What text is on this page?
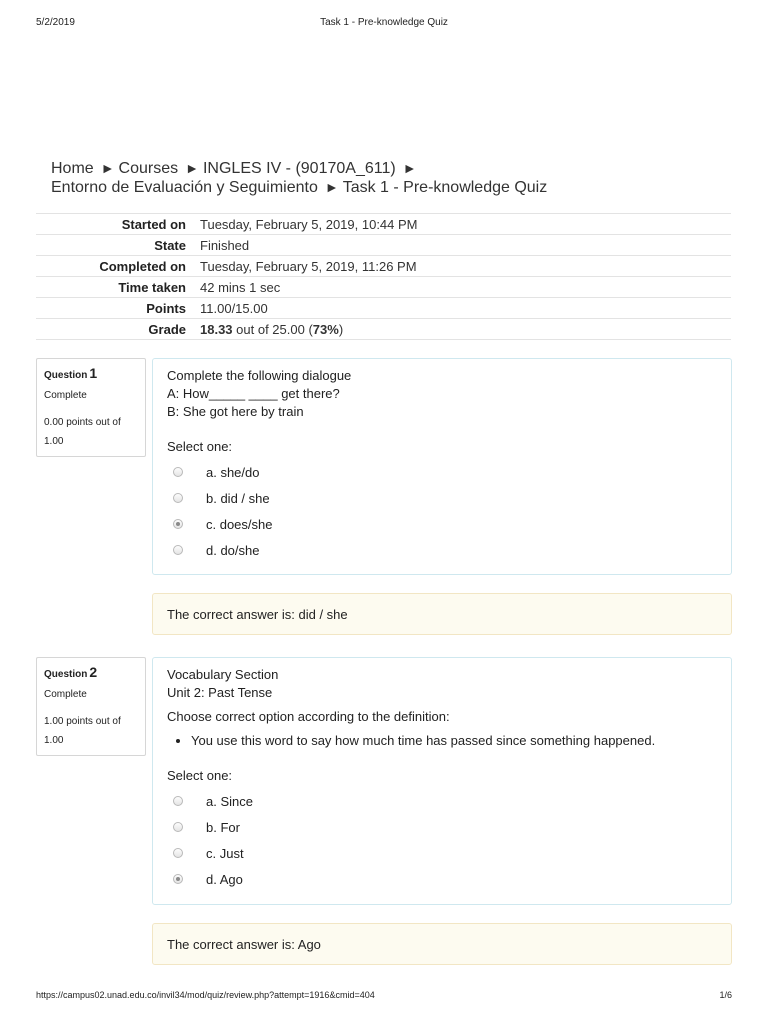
5/2/2019	Task 1 - Pre-knowledge Quiz
Home ► Courses ► INGLES IV - (90170A_611) ►
Entorno de Evaluación y Seguimiento ► Task 1 - Pre-knowledge Quiz
Started on	Tuesday, February 5, 2019, 10:44 PM
State	Finished
Completed on	Tuesday, February 5, 2019, 11:26 PM
Time taken	42 mins 1 sec
Points	11.00/15.00
Grade	18.33 out of 25.00 (73%)
Question 1
Complete
0.00 points out of 1.00
Complete the following dialogue
A: How_____ ____ get there?
B: She got here by train
Select one:
a. she/do
b. did / she
c. does/she
d. do/she
The correct answer is: did / she
Question 2
Complete
1.00 points out of 1.00
Vocabulary Section
Unit 2: Past Tense
Choose correct option according to the definition:
• You use this word to say how much time has passed since something happened.
Select one:
a. Since
b. For
c. Just
d. Ago
The correct answer is: Ago
https://campus02.unad.edu.co/invil34/mod/quiz/review.php?attempt=1916&cmid=404	1/6
